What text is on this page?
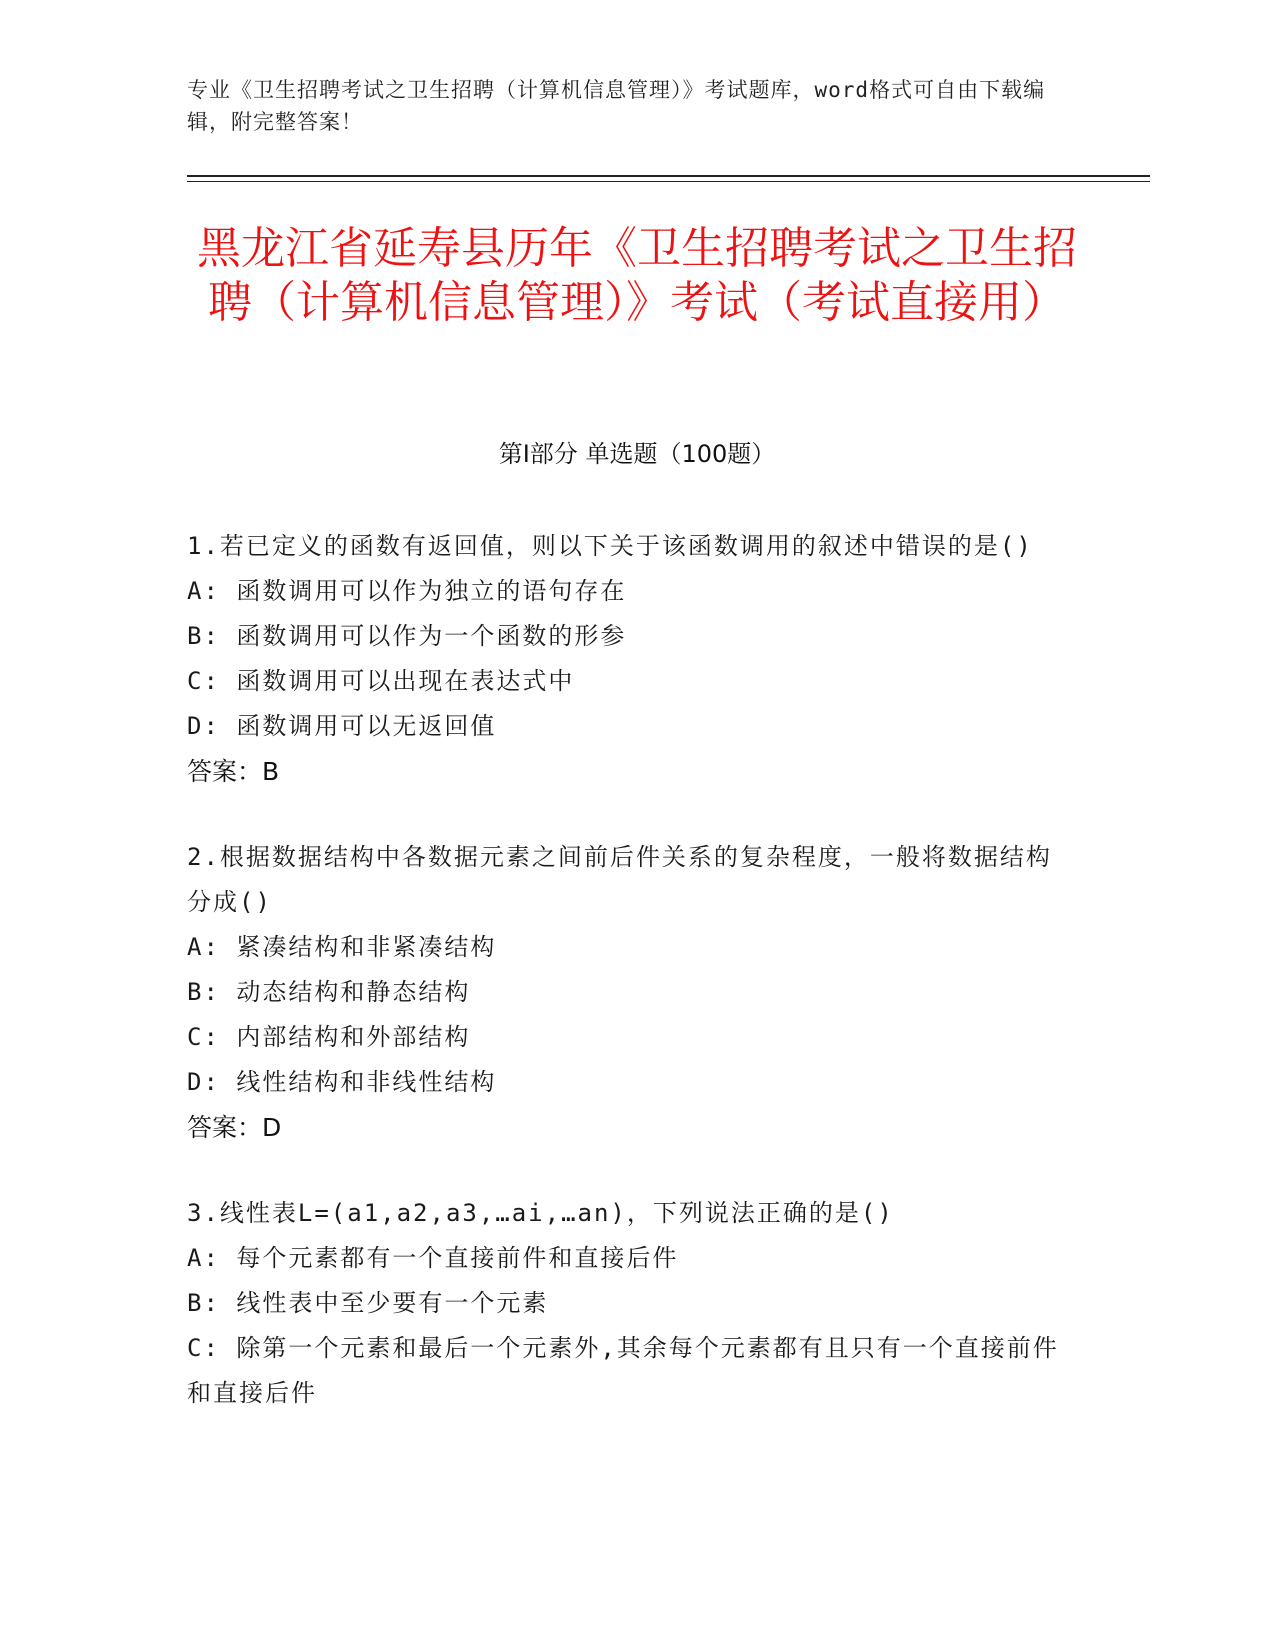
专业《卫生招聘考试之卫生招聘（计算机信息管理）》考试题库，word格式可自由下载编辑，附完整答案！
黑龙江省延寿县历年《卫生招聘考试之卫生招聘（计算机信息管理）》考试（考试直接用）
第Ⅰ部分 单选题（100题）
1.若已定义的函数有返回值，则以下关于该函数调用的叙述中错误的是()
A: 函数调用可以作为独立的语句存在
B: 函数调用可以作为一个函数的形参
C: 函数调用可以出现在表达式中
D: 函数调用可以无返回值
答案：B
2.根据数据结构中各数据元素之间前后件关系的复杂程度，一般将数据结构分成()
A: 紧凑结构和非紧凑结构
B: 动态结构和静态结构
C: 内部结构和外部结构
D: 线性结构和非线性结构
答案：D
3.线性表L=(a1,a2,a3,…ai,…an)，下列说法正确的是()
A: 每个元素都有一个直接前件和直接后件
B: 线性表中至少要有一个元素
C: 除第一个元素和最后一个元素外,其余每个元素都有且只有一个直接前件和直接后件
